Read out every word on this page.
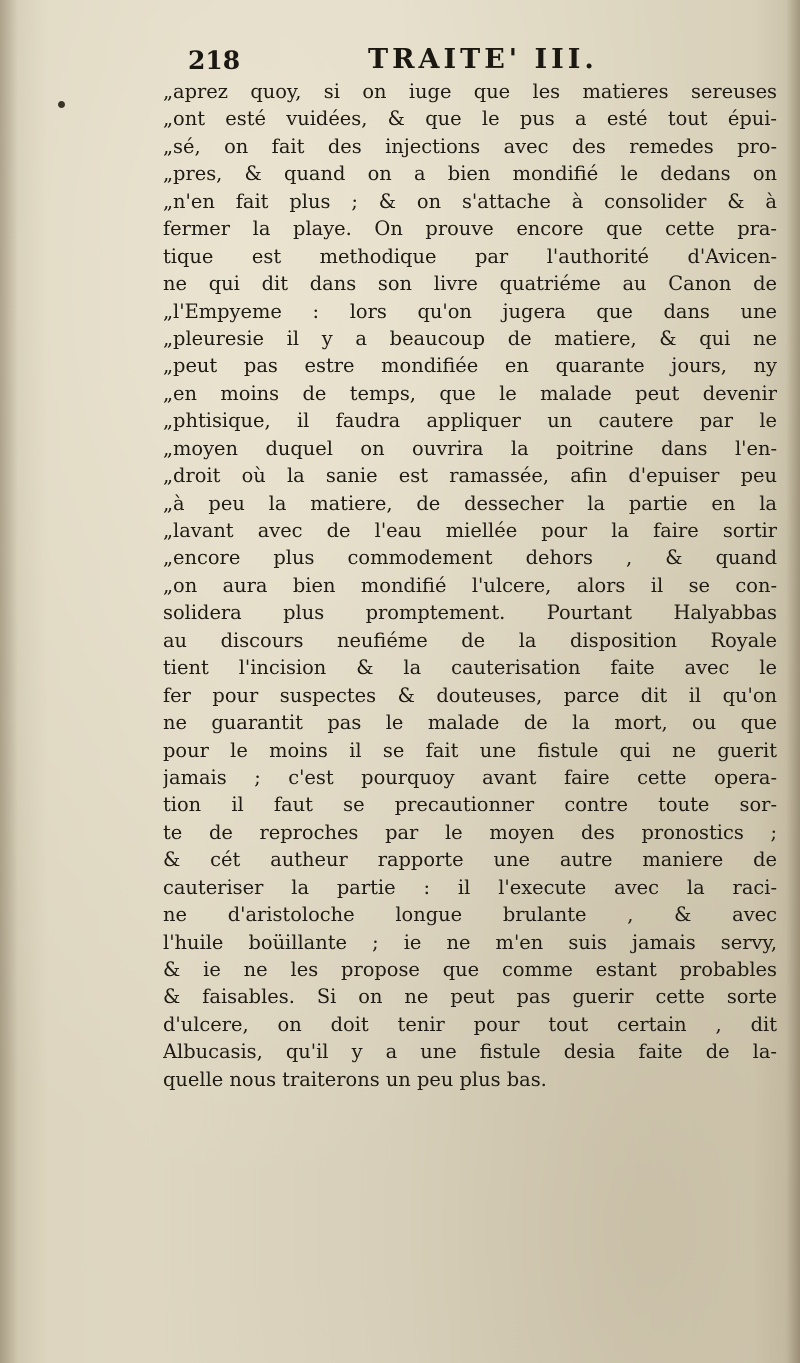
218	TRAITE' III.
„aprez quoy, si on iuge que les matieres sereuses
„ont esté vuidées, & que le pus a esté tout épui-
„sé, on fait des injections avec des remedes pro-
„pres, & quand on a bien mondifié le dedans on
„n'en fait plus ; & on s'attache à consolider & à
fermer la playe. On prouve encore que cette pra-
tique est methodique par l'authorité d'Avicen-
ne qui dit dans son livre quatriéme au Canon de
„l'Empyeme : lors qu'on jugera que dans une
„pleuresie il y a beaucoup de matiere, & qui ne
„peut pas estre mondifiée en quarante jours, ny
„en moins de temps, que le malade peut devenir
„phtisique, il faudra appliquer un cautere par le
„moyen duquel on ouvrira la poitrine dans l'en-
„droit où la sanie est ramassée, afin d'epuiser peu
„à peu la matiere, de dessecher la partie en la
„lavant avec de l'eau miellée pour la faire sortir
„encore plus commodement dehors , & quand
„on aura bien mondifié l'ulcere, alors il se con-
solidera plus promptement. Pourtant Halyabbas
au discours neufiéme de la disposition Royale
tient l'incision & la cauterisation faite avec le
fer pour suspectes & douteuses, parce dit il qu'on
ne guarantit pas le malade de la mort, ou que
pour le moins il se fait une fistule qui ne guerit
jamais ; c'est pourquoy avant faire cette opera-
tion il faut se precautionner contre toute sor-
te de reproches par le moyen des pronostics ;
& cét autheur rapporte une autre maniere de
cauteriser la partie : il l'execute avec la raci-
ne d'aristoloche longue brulante , & avec
l'huile boüillante ; ie ne m'en suis jamais servy,
& ie ne les propose que comme estant probables
& faisables. Si on ne peut pas guerir cette sorte
d'ulcere, on doit tenir pour tout certain , dit
Albucasis, qu'il y a une fistule desia faite de la-
quelle nous traiterons un peu plus bas.
